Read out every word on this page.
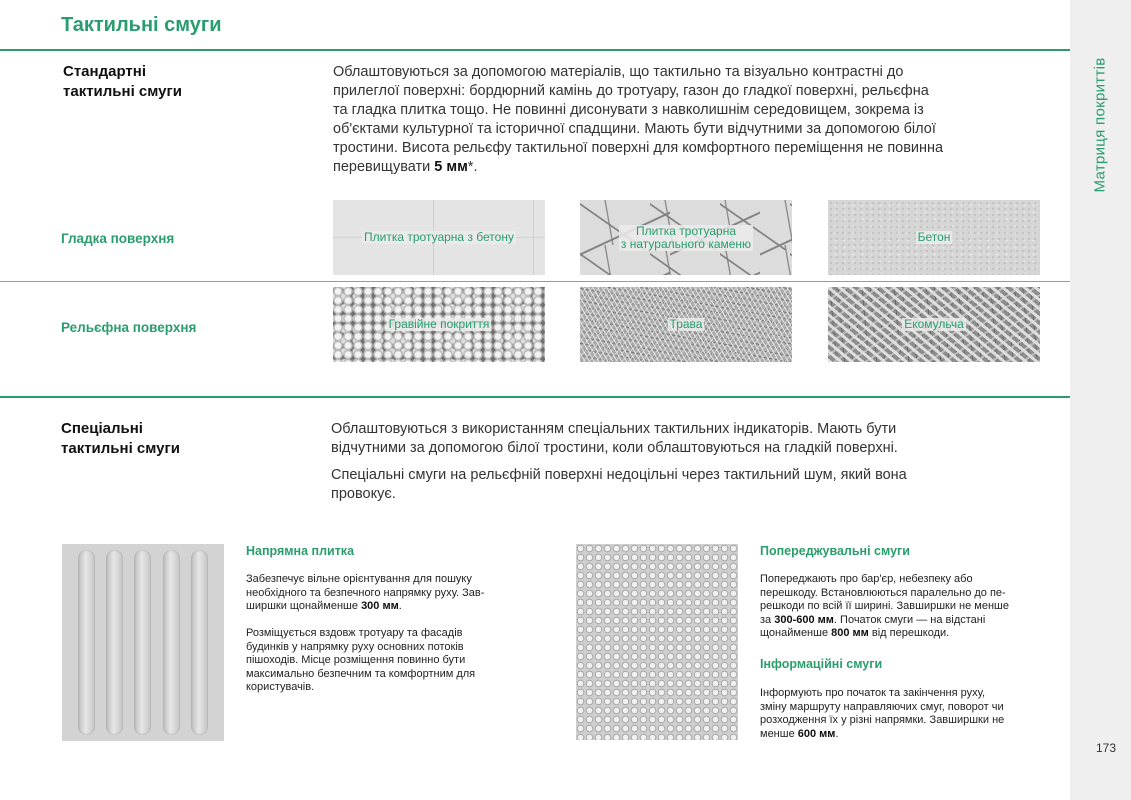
Тактильні смуги
Матриця покриттів
173
Стандартні
тактильні смуги
Облаштовуються за допомогою матеріалів, що тактильно та візуально контрастні до
прилеглої поверхні: бордюрний камінь до тротуару, газон до гладкої поверхні, рельєфна
та гладка плитка тощо. Не повинні дисонувати з навколишнім середовищем, зокрема із
об'єктами культурної та історичної спадщини. Мають бути відчутними за допомогою білої
тростини. Висота рельєфу тактильної поверхні для комфортного переміщення не повинна
перевищувати 5 мм*.
Гладка поверхня	Плитка тротуарна з бетону	Плитка тротуарна
з натурального каменю	Бетон
Рельєфна поверхня	Гравійне покриття	Трава	Екомульча
Спеціальні
тактильні смуги
Облаштовуються з використанням спеціальних тактильних індикаторів. Мають бути
відчутними за допомогою білої тростини, коли облаштовуються на гладкій поверхні.
Спеціальні смуги на рельєфній поверхні недоцільні через тактильний шум, який вона
провокує.
Напрямна плитка
Забезпечує вільне орієнтування для пошуку
необхідного та безпечного напрямку руху. Зав-
ширшки щонайменше 300 мм.
Розміщується вздовж тротуару та фасадів
будинків у напрямку руху основних потоків
пішоходів. Місце розміщення повинно бути
максимально безпечним та комфортним для
користувачів.
Попереджувальні смуги
Попереджають про бар'єр, небезпеку або
перешкоду. Встановлюються паралельно до пе-
решкоди по всій її ширині. Завширшки не менше
за 300-600 мм. Початок смуги — на відстані
щонайменше 800 мм від перешкоди.
Інформаційні смуги
Інформують про початок та закінчення руху,
зміну маршруту направляючих смуг, поворот чи
розходження їх у різні напрямки. Завширшки не
менше 600 мм.
